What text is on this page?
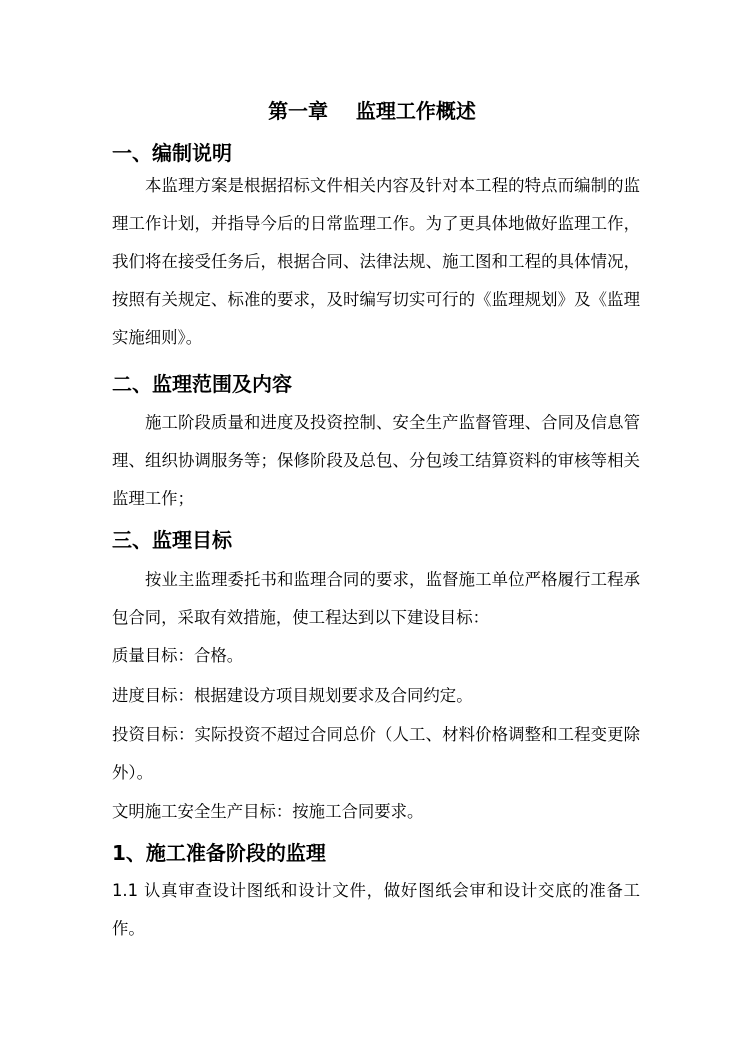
第一章    监理工作概述
一、编制说明

本监理方案是根据招标文件相关内容及针对本工程的特点而编制的监理工作计划，并指导今后的日常监理工作。为了更具体地做好监理工作，我们将在接受任务后，根据合同、法律法规、施工图和工程的具体情况，按照有关规定、标准的要求，及时编写切实可行的《监理规划》及《监理实施细则》。

二、监理范围及内容

施工阶段质量和进度及投资控制、安全生产监督管理、合同及信息管理、组织协调服务等；保修阶段及总包、分包竣工结算资料的审核等相关监理工作；

三、监理目标

按业主监理委托书和监理合同的要求，监督施工单位严格履行工程承包合同，采取有效措施，使工程达到以下建设目标：

质量目标：合格。

进度目标：根据建设方项目规划要求及合同约定。

投资目标：实际投资不超过合同总价（人工、材料价格调整和工程变更除外）。

文明施工安全生产目标：按施工合同要求。

1、施工准备阶段的监理

1.1 认真审查设计图纸和设计文件，做好图纸会审和设计交底的准备工作。
